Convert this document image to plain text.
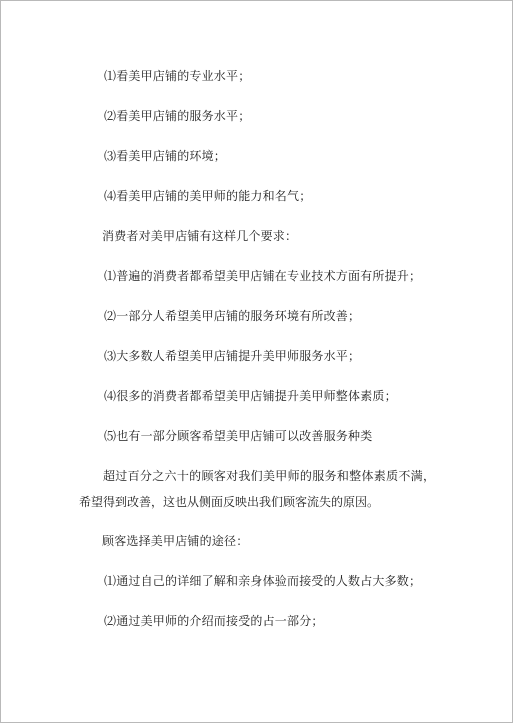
⑴看美甲店铺的专业水平；
⑵看美甲店铺的服务水平；
⑶看美甲店铺的环境；
⑷看美甲店铺的美甲师的能力和名气；
消费者对美甲店铺有这样几个要求：
⑴普遍的消费者都希望美甲店铺在专业技术方面有所提升；
⑵一部分人希望美甲店铺的服务环境有所改善；
⑶大多数人希望美甲店铺提升美甲师服务水平；
⑷很多的消费者都希望美甲店铺提升美甲师整体素质；
⑸也有一部分顾客希望美甲店铺可以改善服务种类
超过百分之六十的顾客对我们美甲师的服务和整体素质不满，希望得到改善，这也从侧面反映出我们顾客流失的原因。
顾客选择美甲店铺的途径：
⑴通过自己的详细了解和亲身体验而接受的人数占大多数；
⑵通过美甲师的介绍而接受的占一部分；
